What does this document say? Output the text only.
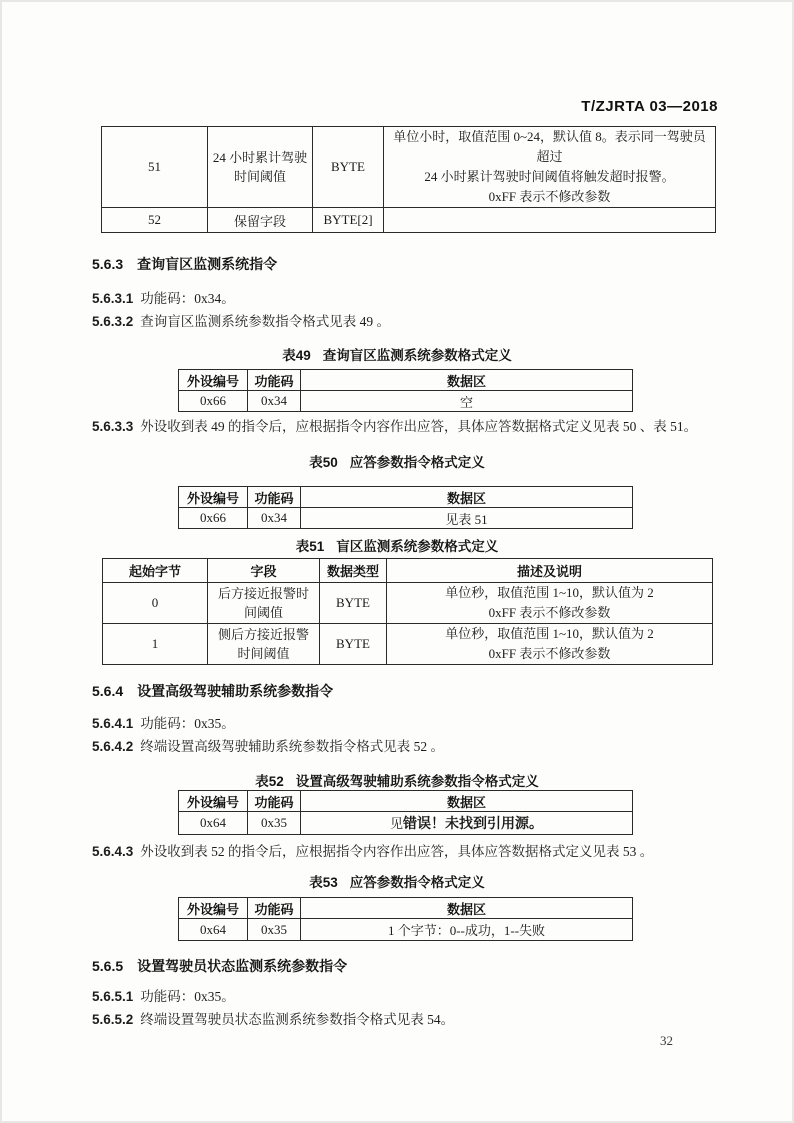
T/ZJRTA 03—2018
51	24 小时累计驾驶时间阈值	BYTE	单位小时，取值范围 0~24，默认值 8。表示同一驾驶员超过
24 小时累计驾驶时间阈值将触发超时报警。
0xFF 表示不修改参数

52	保留字段	BYTE[2]	
5.6.3 查询盲区监测系统指令
5.6.3.1 功能码：0x34。
5.6.3.2 查询盲区监测系统参数指令格式见表 49 。
表49 查询盲区监测系统参数格式定义
外设编号	功能码	数据区
0x66	0x34	空
5.6.3.3 外设收到表 49 的指令后，应根据指令内容作出应答，具体应答数据格式定义见表 50 、表 51。
表50 应答参数指令格式定义
外设编号	功能码	数据区
0x66	0x34	见表 51
表51 盲区监测系统参数格式定义
起始字节	字段	数据类型	描述及说明
0	后方接近报警时间阈值	BYTE	单位秒，取值范围 1~10，默认值为 2
0xFF 表示不修改参数

1	侧后方接近报警时间阈值	BYTE	单位秒，取值范围 1~10，默认值为 2
0xFF 表示不修改参数
5.6.4 设置高级驾驶辅助系统参数指令
5.6.4.1 功能码：0x35。
5.6.4.2 终端设置高级驾驶辅助系统参数指令格式见表 52 。
表52 设置高级驾驶辅助系统参数指令格式定义
外设编号	功能码	数据区
0x64	0x35	见错误！未找到引用源。
5.6.4.3 外设收到表 52 的指令后，应根据指令内容作出应答，具体应答数据格式定义见表 53 。
表53 应答参数指令格式定义
外设编号	功能码	数据区
0x64	0x35	1 个字节：0--成功，1--失败
5.6.5 设置驾驶员状态监测系统参数指令
5.6.5.1 功能码：0x35。
5.6.5.2 终端设置驾驶员状态监测系统参数指令格式见表 54。
32
